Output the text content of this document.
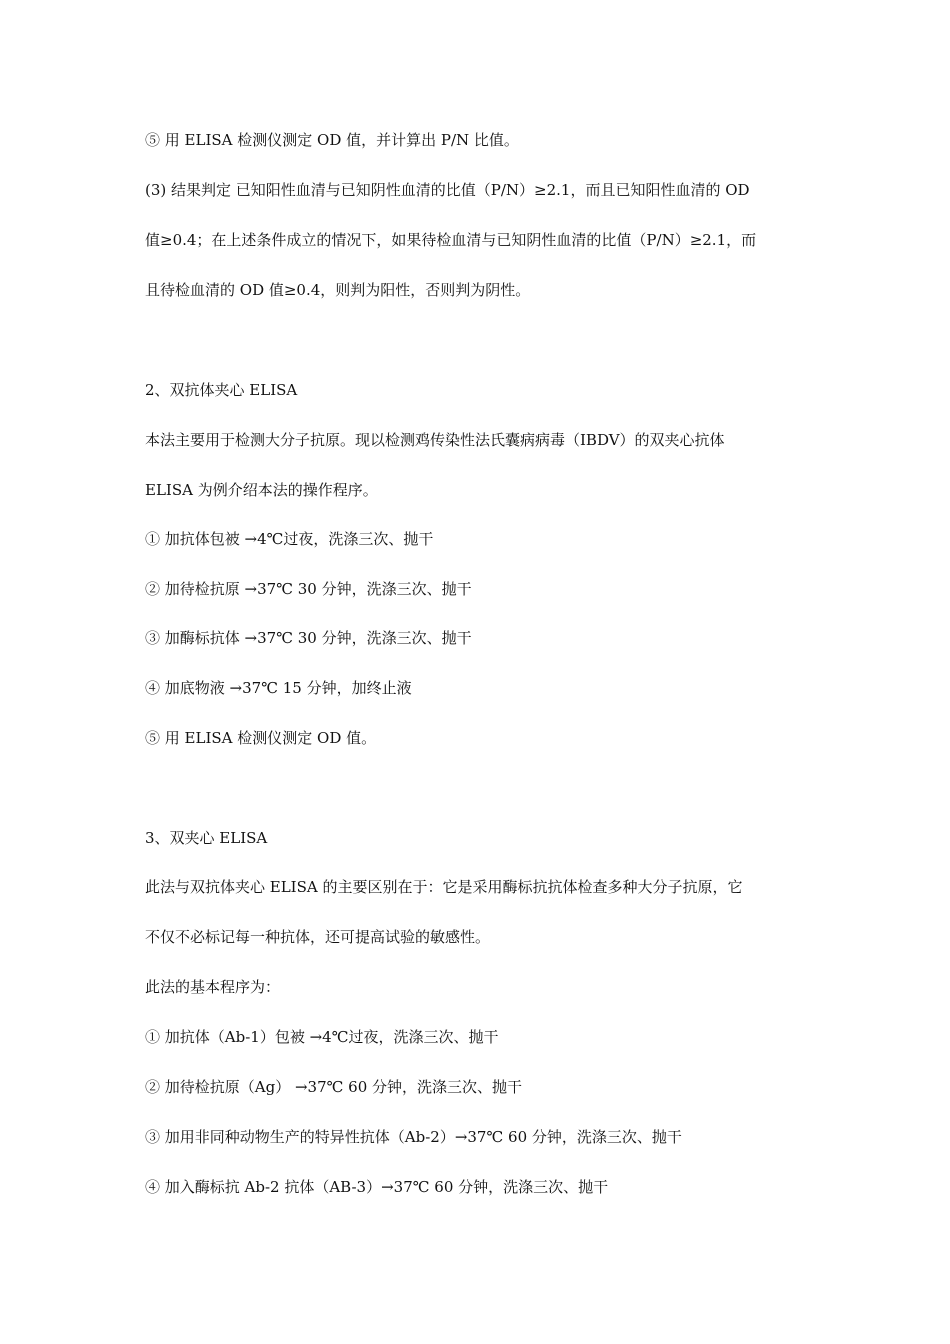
⑤ 用 ELISA 检测仪测定 OD 值，并计算出 P/N 比值。
(3) 结果判定 已知阳性血清与已知阴性血清的比值（P/N）≥2.1，而且已知阳性血清的 OD
值≥0.4；在上述条件成立的情况下，如果待检血清与已知阴性血清的比值（P/N）≥2.1，而
且待检血清的 OD 值≥0.4，则判为阳性，否则判为阴性。
2、双抗体夹心 ELISA
本法主要用于检测大分子抗原。现以检测鸡传染性法氏囊病病毒（IBDV）的双夹心抗体
ELISA 为例介绍本法的操作程序。
① 加抗体包被 →4℃过夜，洗涤三次、抛干
② 加待检抗原 →37℃ 30 分钟，洗涤三次、抛干
③ 加酶标抗体 →37℃ 30 分钟，洗涤三次、抛干
④ 加底物液 →37℃ 15 分钟，加终止液
⑤ 用 ELISA 检测仪测定 OD 值。
3、双夹心 ELISA
此法与双抗体夹心 ELISA 的主要区别在于：它是采用酶标抗抗体检查多种大分子抗原，它
不仅不必标记每一种抗体，还可提高试验的敏感性。
此法的基本程序为：
① 加抗体（Ab-1）包被 →4℃过夜，洗涤三次、抛干
② 加待检抗原（Ag） →37℃ 60 分钟，洗涤三次、抛干
③ 加用非同种动物生产的特异性抗体（Ab-2）→37℃ 60 分钟，洗涤三次、抛干
④ 加入酶标抗 Ab-2 抗体（AB-3）→37℃ 60 分钟，洗涤三次、抛干
